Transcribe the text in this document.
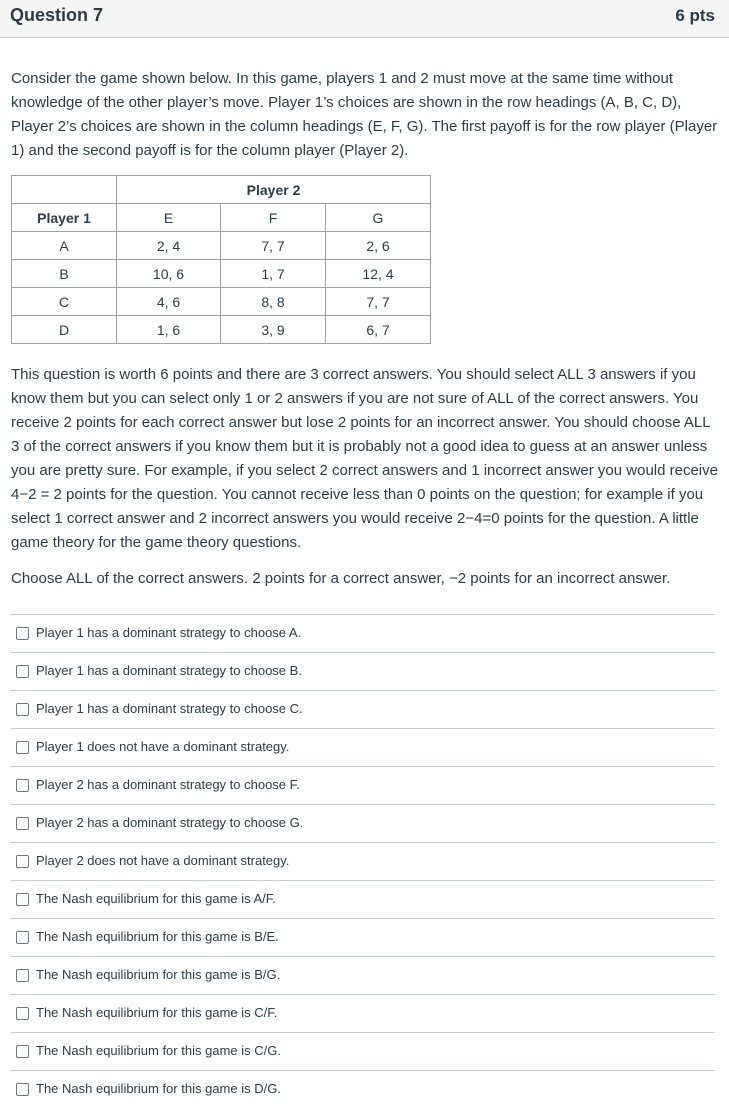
Question 7	6 pts

Consider the game shown below. In this game, players 1 and 2 must move at the same time without knowledge of the other player’s move. Player 1’s choices are shown in the row headings (A, B, C, D), Player 2’s choices are shown in the column headings (E, F, G). The first payoff is for the row player (Player 1) and the second payoff is for the column player (Player 2).

	Player 2		
Player 1	E	F	G
A	2, 4	7, 7	2, 6
B	10, 6	1, 7	12, 4
C	4, 6	8, 8	7, 7
D	1, 6	3, 9	6, 7

This question is worth 6 points and there are 3 correct answers. You should select ALL 3 answers if you know them but you can select only 1 or 2 answers if you are not sure of ALL of the correct answers. You receive 2 points for each correct answer but lose 2 points for an incorrect answer. You should choose ALL 3 of the correct answers if you know them but it is probably not a good idea to guess at an answer unless you are pretty sure. For example, if you select 2 correct answers and 1 incorrect answer you would receive 4−2 = 2 points for the question. You cannot receive less than 0 points on the question; for example if you select 1 correct answer and 2 incorrect answers you would receive 2−4=0 points for the question. A little game theory for the game theory questions.

Choose ALL of the correct answers. 2 points for a correct answer, −2 points for an incorrect answer.

Player 1 has a dominant strategy to choose A.
Player 1 has a dominant strategy to choose B.
Player 1 has a dominant strategy to choose C.
Player 1 does not have a dominant strategy.
Player 2 has a dominant strategy to choose F.
Player 2 has a dominant strategy to choose G.
Player 2 does not have a dominant strategy.
The Nash equilibrium for this game is A/F.
The Nash equilibrium for this game is B/E.
The Nash equilibrium for this game is B/G.
The Nash equilibrium for this game is C/F.
The Nash equilibrium for this game is C/G.
The Nash equilibrium for this game is D/G.
